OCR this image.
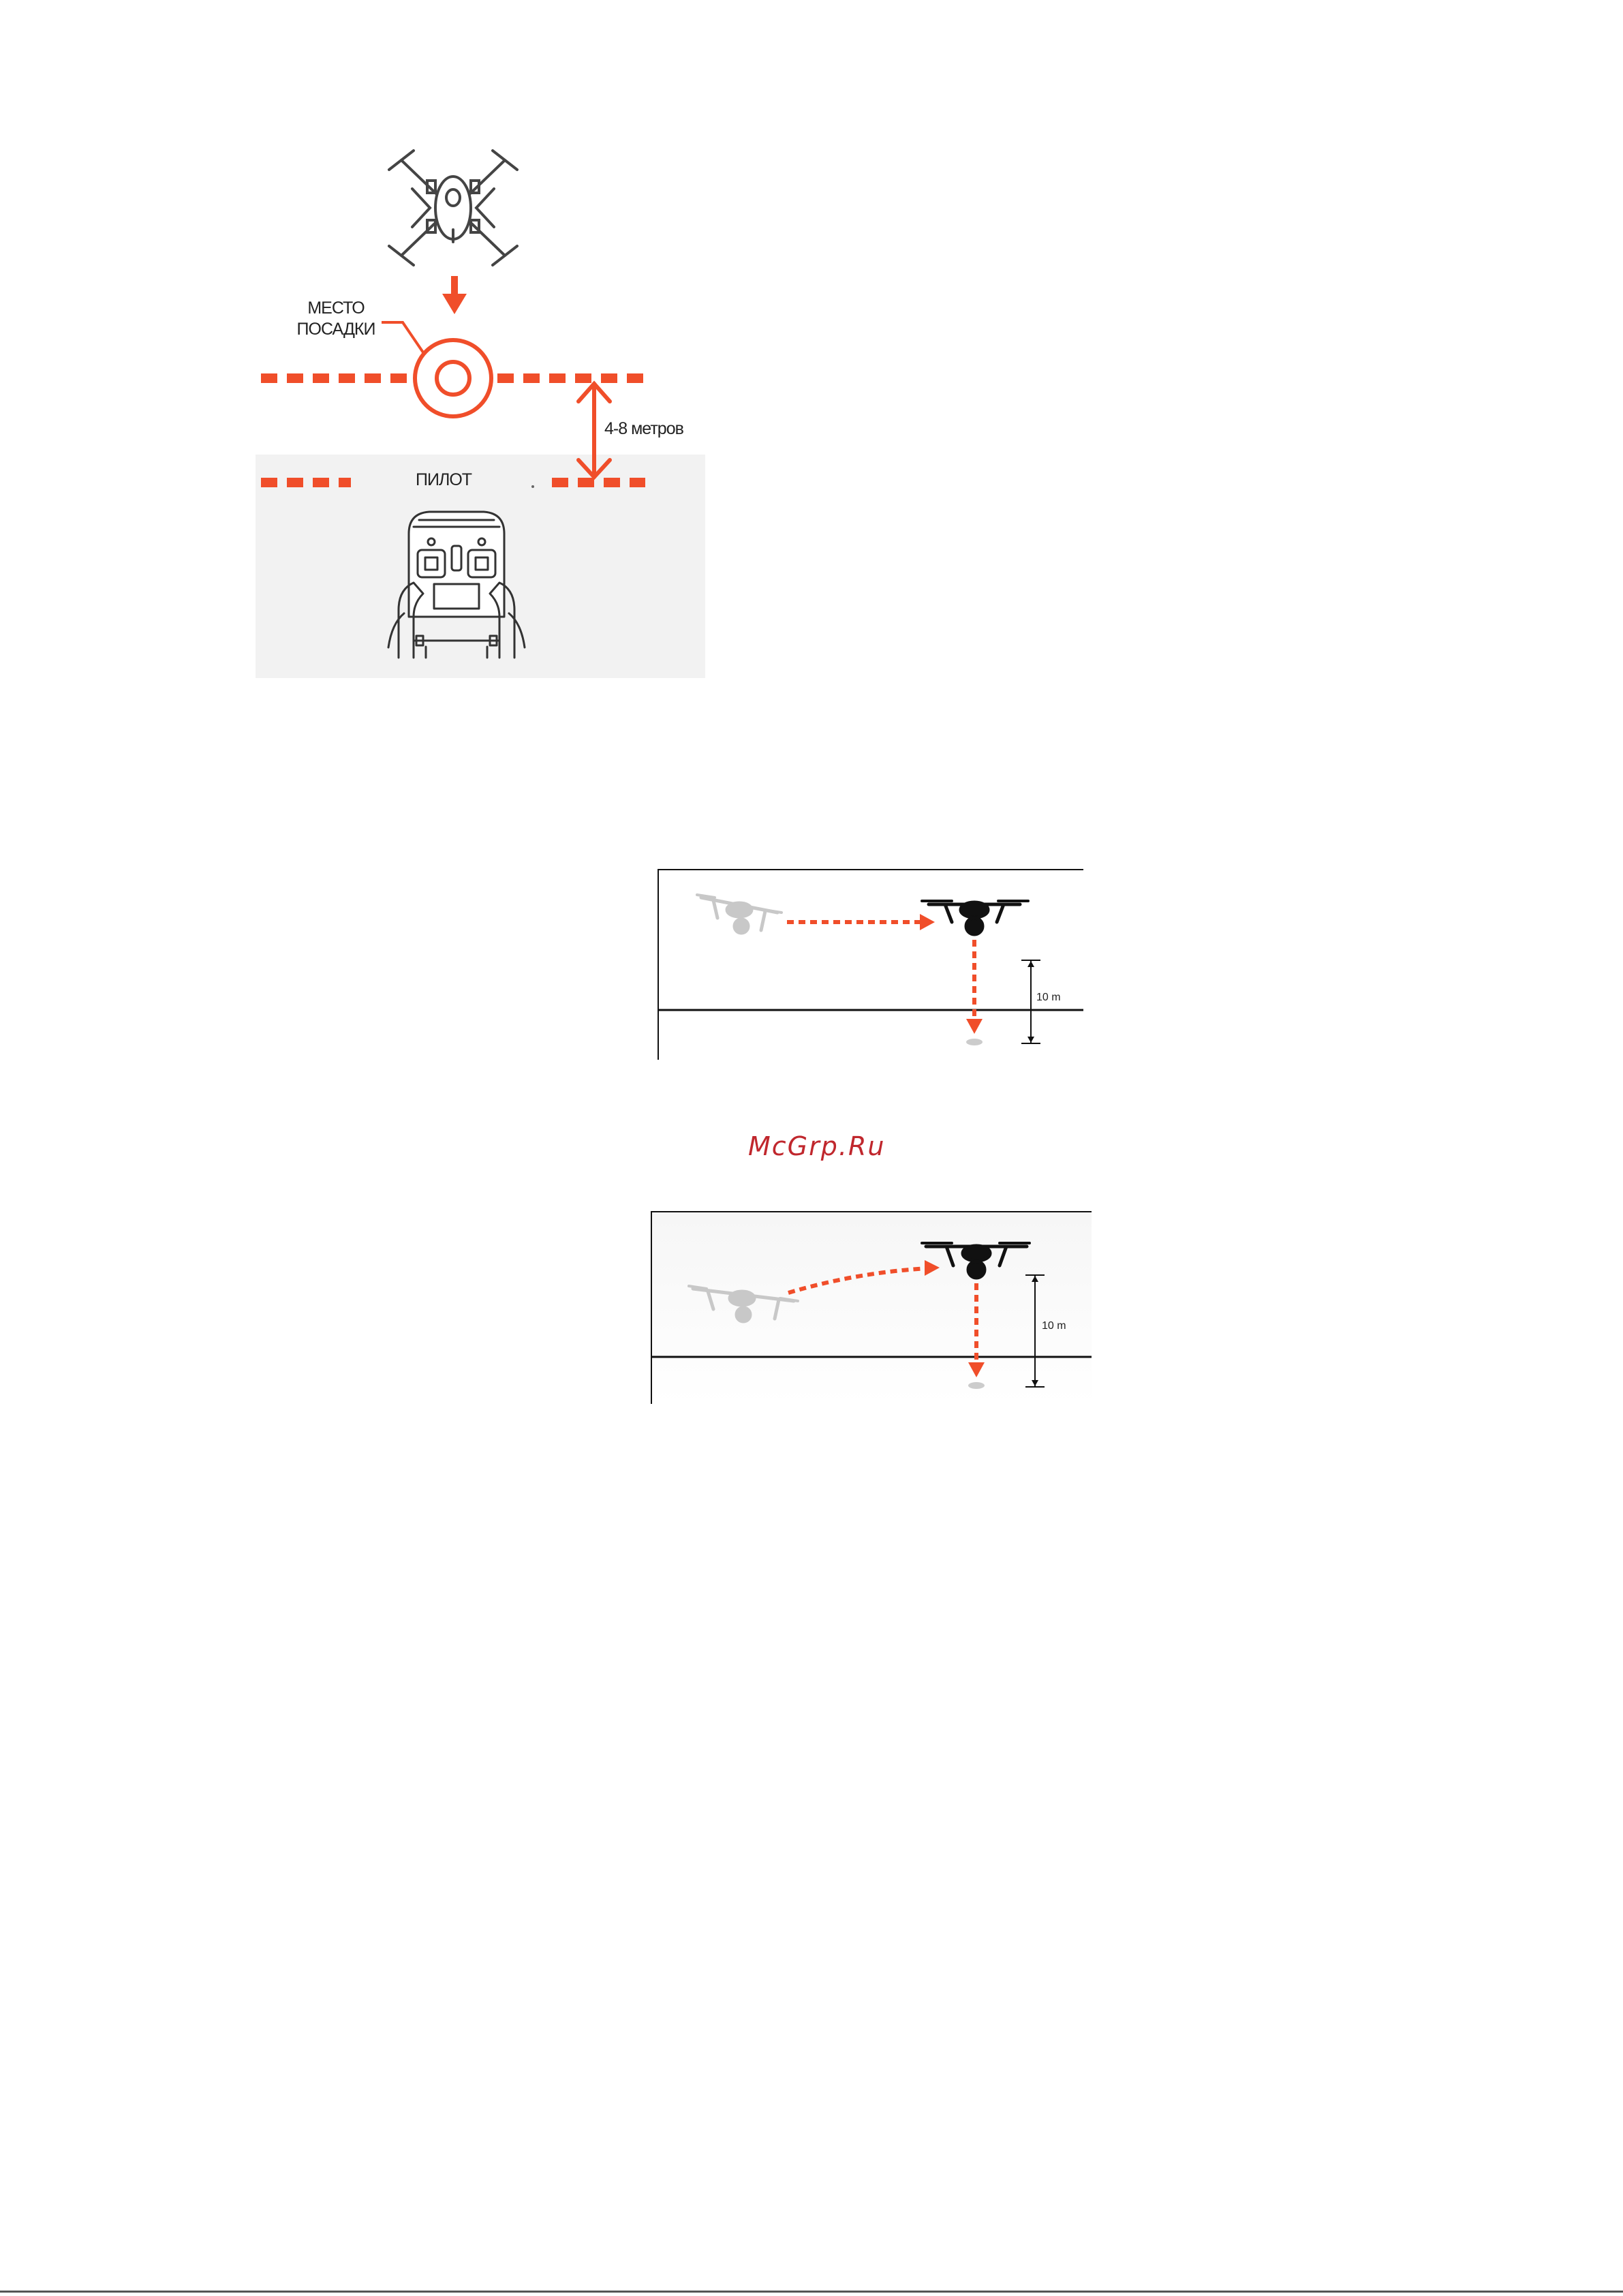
МЕСТО
ПОСАДКИ
4-8 метров
ПИЛОТ
10 m
McGrp.Ru
10 m
